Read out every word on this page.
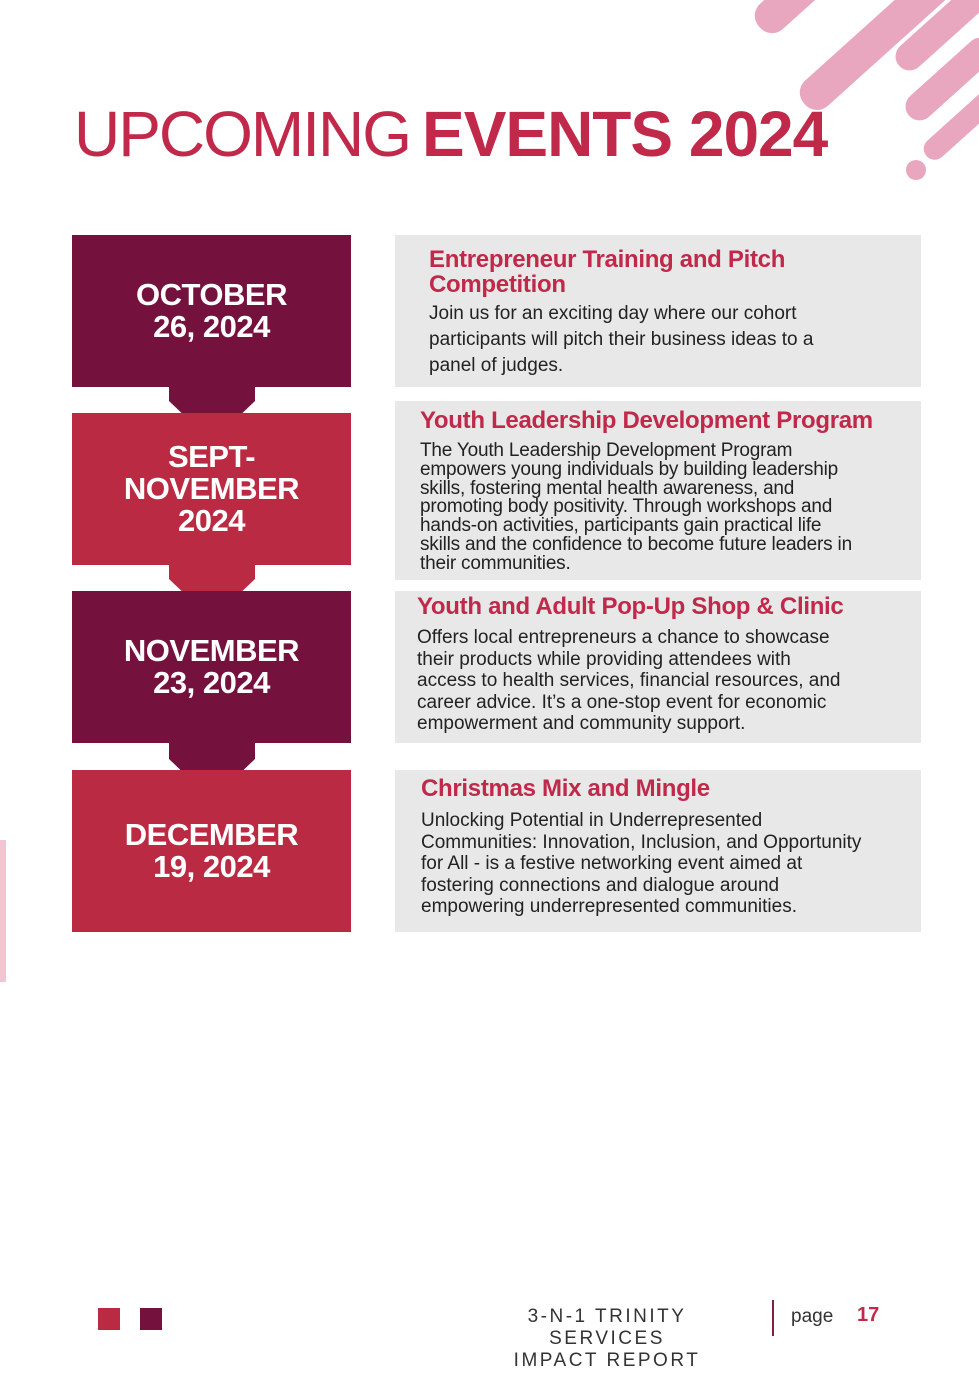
UPCOMING EVENTS 2024
OCTOBER
26, 2024
SEPT-
NOVEMBER
2024
NOVEMBER
23, 2024
DECEMBER
19, 2024
Entrepreneur Training and Pitch
Competition

Join us for an exciting day where our cohort
participants will pitch their business ideas to a
panel of judges.

Youth Leadership Development Program

The Youth Leadership Development Program
empowers young individuals by building leadership
skills, fostering mental health awareness, and
promoting body positivity. Through workshops and
hands-on activities, participants gain practical life
skills and the confidence to become future leaders in
their communities.

Youth and Adult Pop-Up Shop & Clinic

Offers local entrepreneurs a chance to showcase
their products while providing attendees with
access to health services, financial resources, and
career advice. It’s a one-stop event for economic
empowerment and community support.

Christmas Mix and Mingle

Unlocking Potential in Underrepresented
Communities: Innovation, Inclusion, and Opportunity
for All - is a festive networking event aimed at
fostering connections and dialogue around
empowering underrepresented communities.

3-N-1 TRINITY SERVICES
IMPACT REPORT
page 17
